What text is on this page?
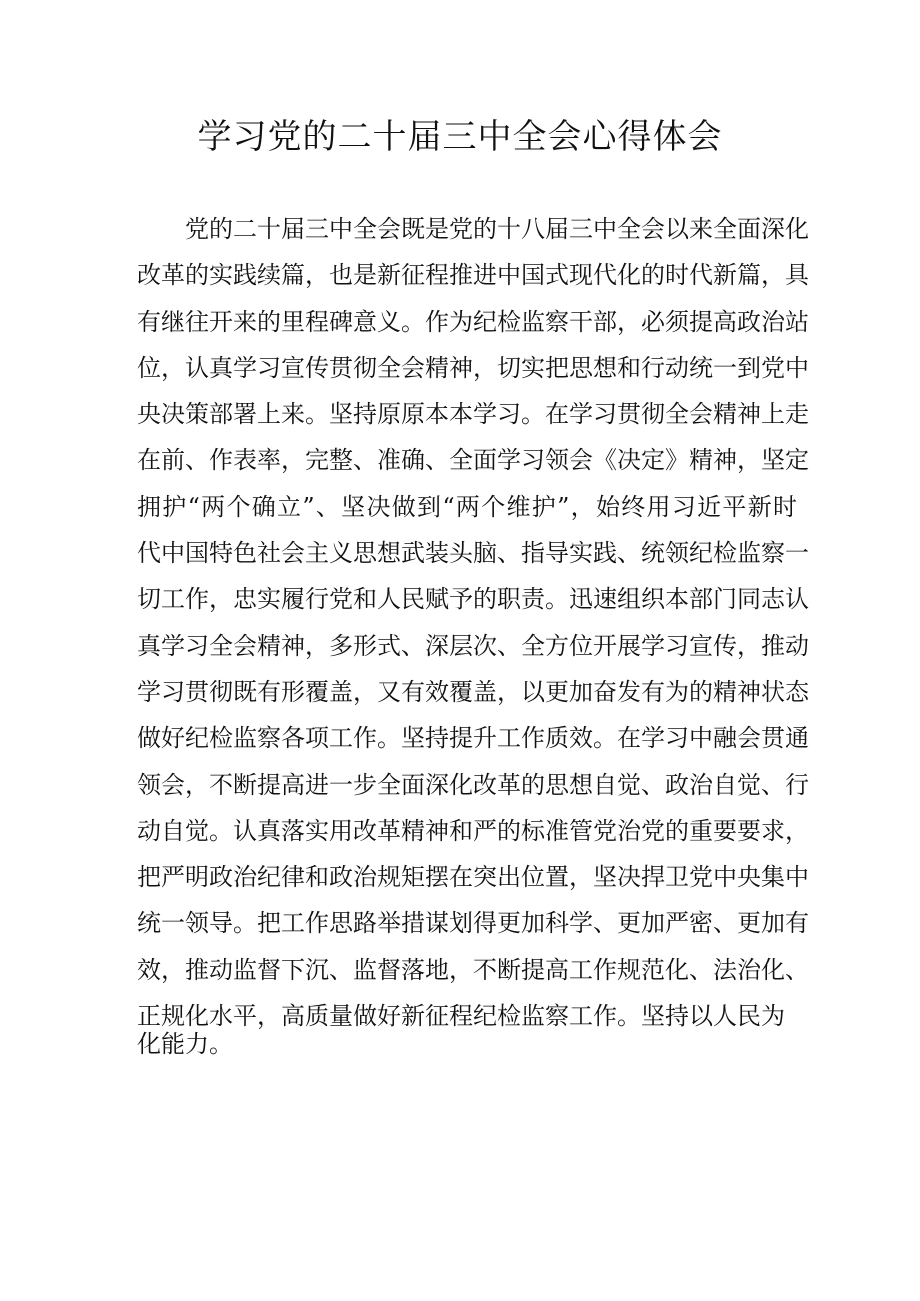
学习党的二十届三中全会心得体会
党的二十届三中全会既是党的十八届三中全会以来全面深化
改革的实践续篇，也是新征程推进中国式现代化的时代新篇，具
有继往开来的里程碑意义。作为纪检监察干部，必须提高政治站
位，认真学习宣传贯彻全会精神，切实把思想和行动统一到党中
央决策部署上来。坚持原原本本学习。在学习贯彻全会精神上走
在前、作表率，完整、准确、全面学习领会《决定》精神，坚定
拥护“两个确立”、坚决做到“两个维护”，始终用习近平新时
代中国特色社会主义思想武装头脑、指导实践、统领纪检监察一
切工作，忠实履行党和人民赋予的职责。迅速组织本部门同志认
真学习全会精神，多形式、深层次、全方位开展学习宣传，推动
学习贯彻既有形覆盖，又有效覆盖，以更加奋发有为的精神状态
做好纪检监察各项工作。坚持提升工作质效。在学习中融会贯通
领会，不断提高进一步全面深化改革的思想自觉、政治自觉、行
动自觉。认真落实用改革精神和严的标准管党治党的重要要求，
把严明政治纪律和政治规矩摆在突出位置，坚决捍卫党中央集中
统一领导。把工作思路举措谋划得更加科学、更加严密、更加有
效，推动监督下沉、监督落地，不断提高工作规范化、法治化、
正规化水平，高质量做好新征程纪检监察工作。坚持以人民为
化能力。
